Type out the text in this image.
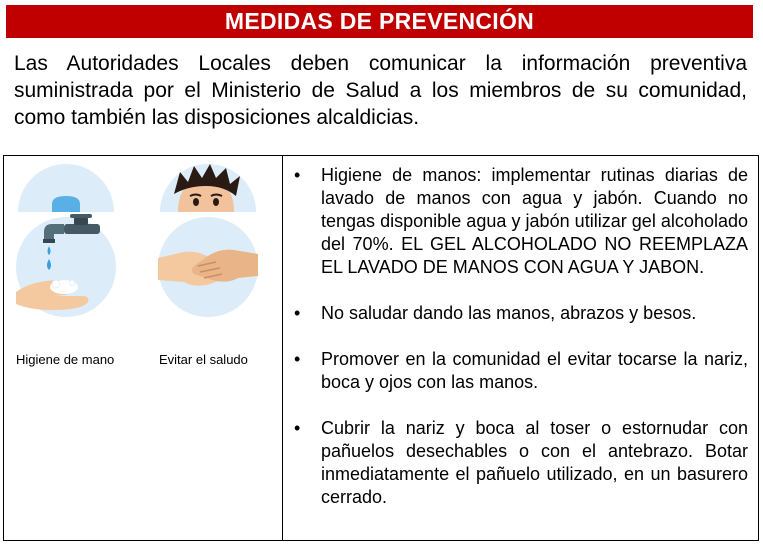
MEDIDAS DE PREVENCIÓN
Las Autoridades Locales deben comunicar la información preventiva suministrada por el Ministerio de Salud a los miembros de su comunidad, como también las disposiciones alcaldicias.
Higiene de mano	Evitar el saludo
• Higiene de manos: implementar rutinas diarias de lavado de manos con agua y jabón. Cuando no tengas disponible agua y jabón utilizar gel alcoholado del 70%. EL GEL ALCOHOLADO NO REEMPLAZA EL LAVADO DE MANOS CON AGUA Y JABON.
• No saludar dando las manos, abrazos y besos.
• Promover en la comunidad el evitar tocarse la nariz, boca y ojos con las manos.
• Cubrir la nariz y boca al toser o estornudar con pañuelos desechables o con el antebrazo. Botar inmediatamente el pañuelo utilizado, en un basurero cerrado.
